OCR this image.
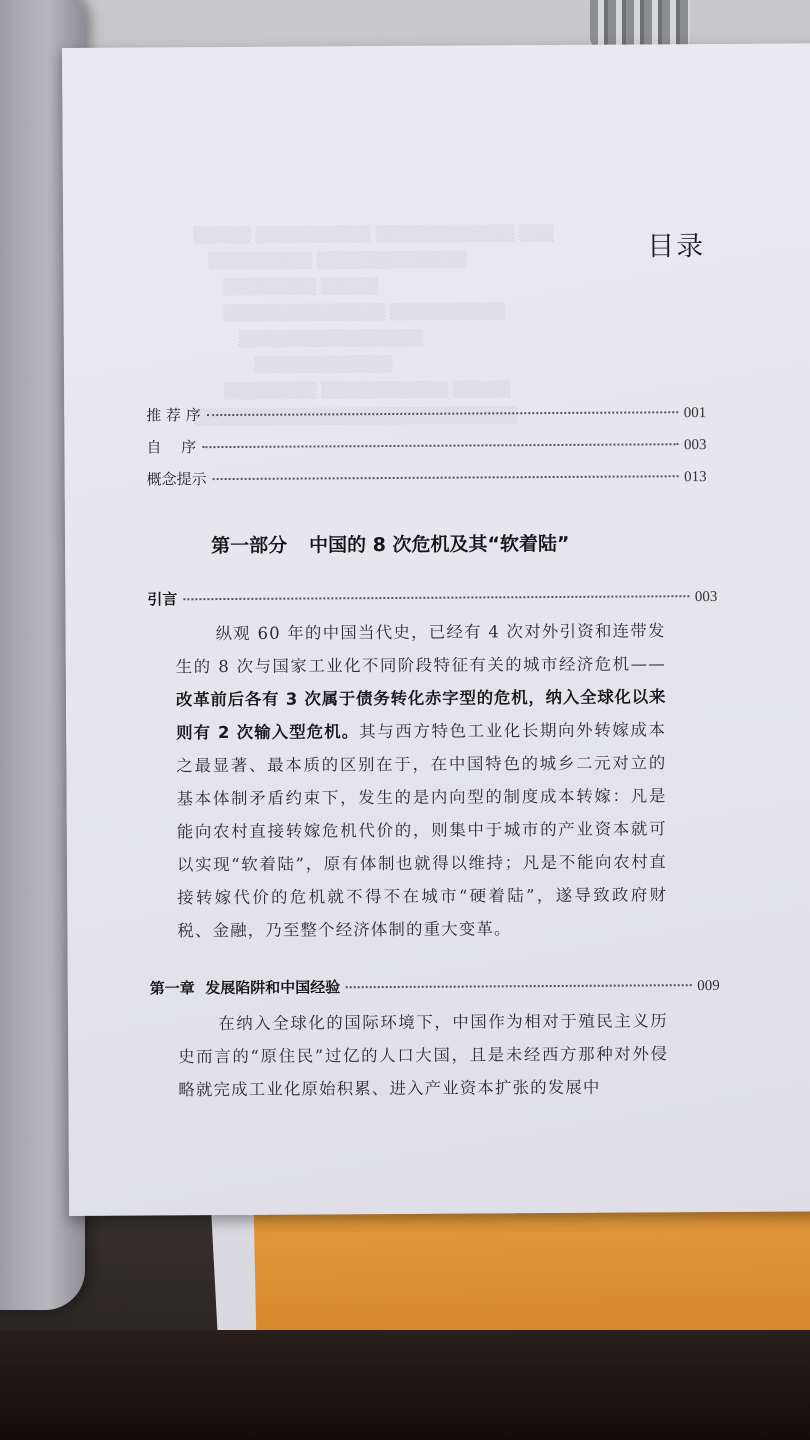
▒▒▒▒▒ ▒▒▒▒▒▒▒▒▒▒ ▒▒▒▒▒▒▒▒▒▒▒▒ ▒▒▒
　▒▒▒▒▒▒▒▒▒ ▒▒▒▒▒▒▒▒▒▒▒▒▒
　　▒▒▒▒▒▒▒▒ ▒▒▒▒▒
　　▒▒▒▒▒▒▒▒▒▒▒▒▒▒ ▒▒▒▒▒▒▒▒▒▒
　　　▒▒▒▒▒▒▒▒▒▒▒▒▒▒▒▒
　　　　▒▒▒▒▒▒▒▒▒▒▒▒
　　▒▒▒▒▒▒▒▒ ▒▒▒▒▒▒▒▒▒▒▒ ▒▒▒▒▒
▒▒▒▒▒▒▒▒▒▒▒▒▒▒▒▒▒▒▒▒▒▒▒▒▒▒▒▒
目录
推 荐 序	001
自　 序	003
概念提示	013
第一部分 中国的 8 次危机及其“软着陆”
引言	003
纵观 60 年的中国当代史，已经有 4 次对外引资和连带发生的 8 次与国家工业化不同阶段特征有关的城市经济危机——改革前后各有 3 次属于债务转化赤字型的危机，纳入全球化以来则有 2 次输入型危机。其与西方特色工业化长期向外转嫁成本之最显著、最本质的区别在于，在中国特色的城乡二元对立的基本体制矛盾约束下，发生的是内向型的制度成本转嫁：凡是能向农村直接转嫁危机代价的，则集中于城市的产业资本就可以实现“软着陆”，原有体制也就得以维持；凡是不能向农村直接转嫁代价的危机就不得不在城市“硬着陆”，遂导致政府财税、金融，乃至整个经济体制的重大变革。
第一章 发展陷阱和中国经验	009
在纳入全球化的国际环境下，中国作为相对于殖民主义历史而言的“原住民”过亿的人口大国，且是未经西方那种对外侵略就完成工业化原始积累、进入产业资本扩张的发展中
